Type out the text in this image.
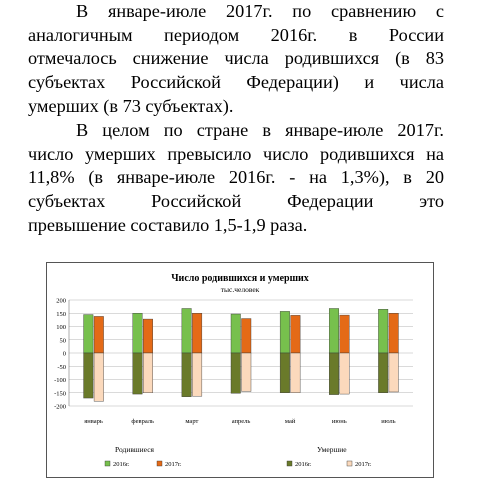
В январе-июле 2017г. по сравнению с
аналогичным периодом 2016г. в России
отмечалось снижение числа родившихся (в 83
субъектах Российской Федерации) и числа
умерших (в 73 субъектах).
В целом по стране в январе-июле 2017г.
число умерших превысило число родившихся на
11,8% (в январе-июле 2016г. - на 1,3%), в 20
субъектах Российской Федерации это
превышение составило 1,5-1,9 раза.
Число родившихся и умерших
тыс.человек
200
150
100
50
0
-50
-100
-150
-200
январь	февраль	март	апрель	май	июнь	июль
Родившиеся	Умершие
2016г.	2017г.	2016г.	2017г.
